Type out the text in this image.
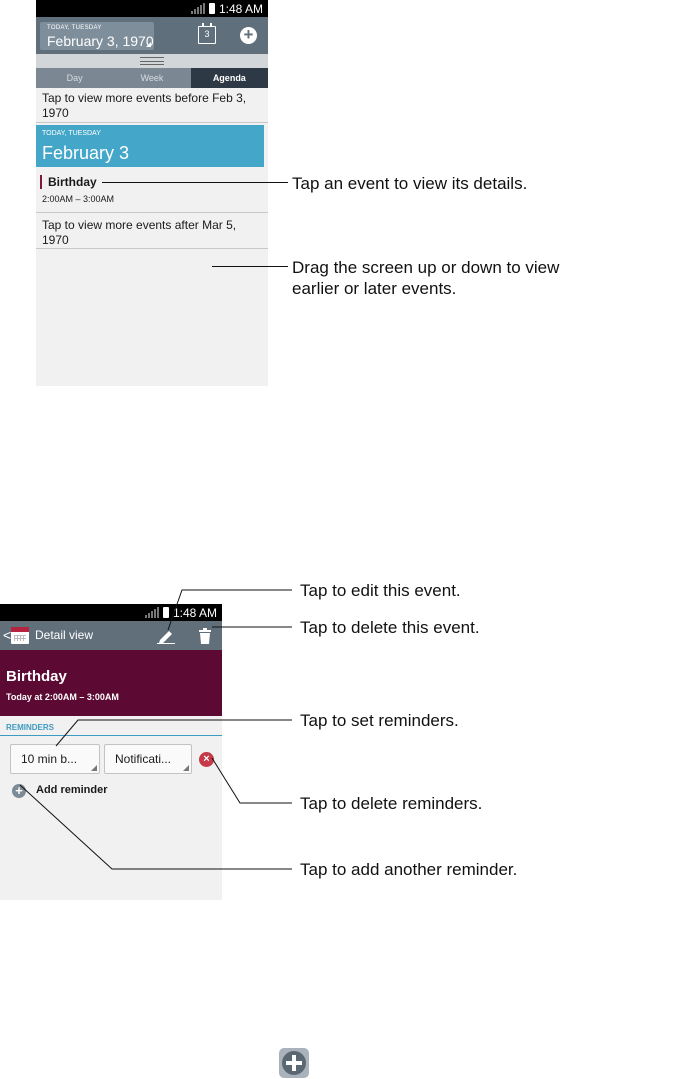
1:48 AM
TODAY, TUESDAY
February 3, 1970	3	+
Day	Week	Agenda
Tap to view more events before Feb 3, 1970
TODAY, TUESDAY
February 3
Birthday
2:00AM – 3:00AM
Tap to view more events after Mar 5, 1970
Tap an event to view its details.
Drag the screen up or down to view
earlier or later events.
1:48 AM
< Detail view
Birthday
Today at 2:00AM – 3:00AM
REMINDERS
10 min b...	Notificati...	×
+ Add reminder
Tap to edit this event.
Tap to delete this event.
Tap to set reminders.
Tap to delete reminders.
Tap to add another reminder.
